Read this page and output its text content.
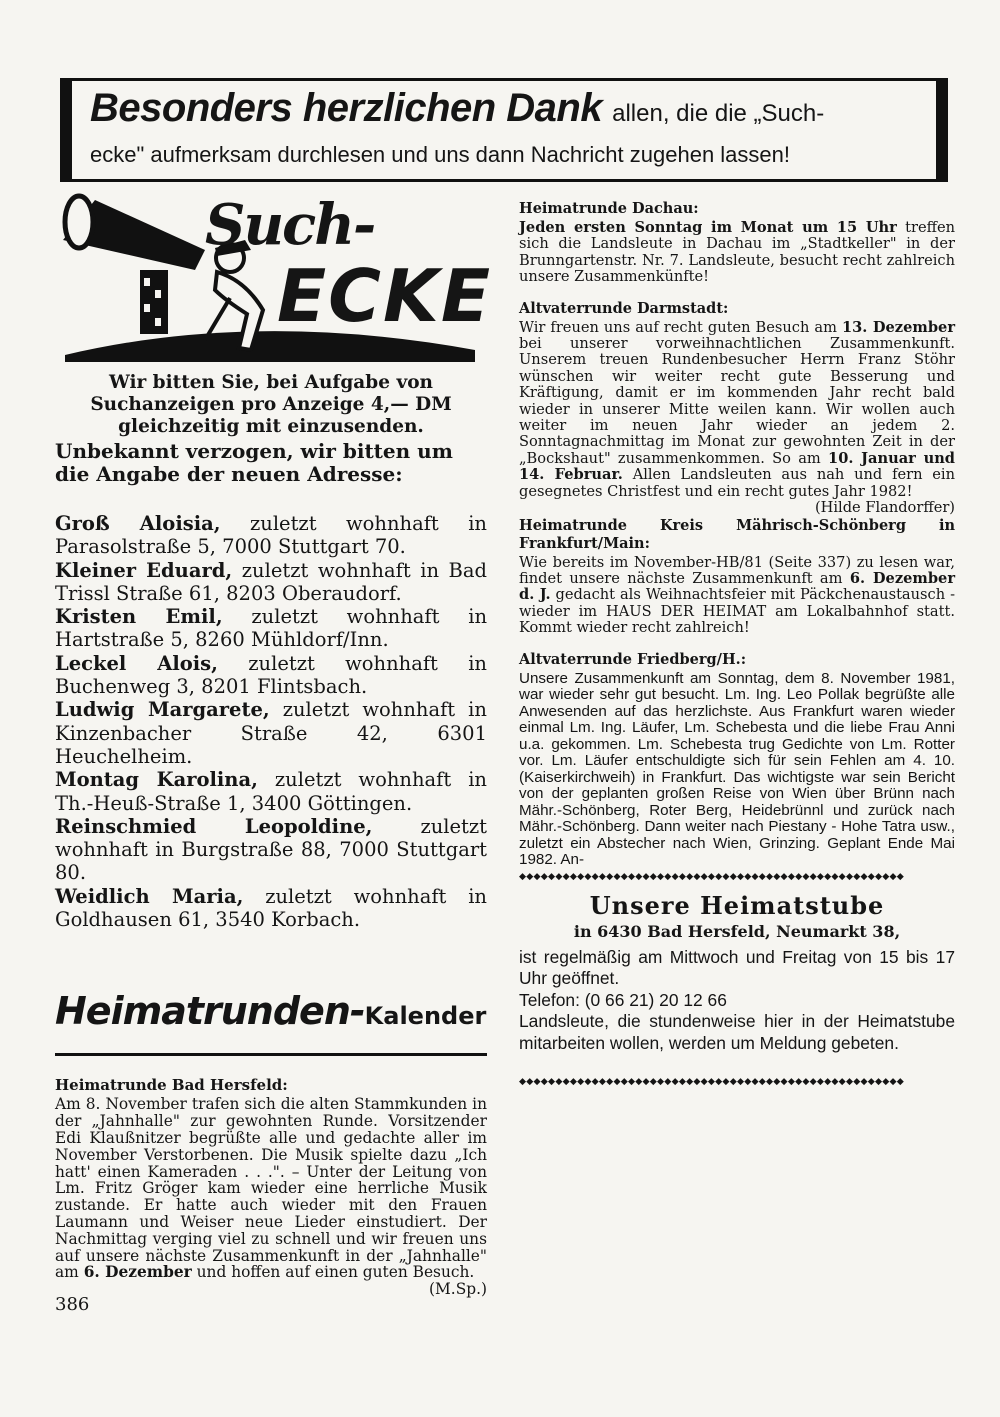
Besonders herzlichen Dank allen, die die „Such-
ecke" aufmerksam durchlesen und uns dann Nachricht zugehen lassen!
Such-
ECKE
Wir bitten Sie, bei Aufgabe von Suchanzeigen pro Anzeige 4,— DM gleichzeitig mit einzusenden.
Unbekannt verzogen, wir bitten um die Angabe der neuen Adresse:

Groß Aloisia, zuletzt wohnhaft in Parasolstraße 5, 7000 Stuttgart 70.

Kleiner Eduard, zuletzt wohnhaft in Bad Trissl Straße 61, 8203 Oberaudorf.

Kristen Emil, zuletzt wohnhaft in Hartstraße 5, 8260 Mühldorf/Inn.

Leckel Alois, zuletzt wohnhaft in Buchenweg 3, 8201 Flintsbach.

Ludwig Margarete, zuletzt wohnhaft in Kinzenbacher Straße 42, 6301 Heuchelheim.

Montag Karolina, zuletzt wohnhaft in Th.-Heuß-Straße 1, 3400 Göttingen.

Reinschmied Leopoldine, zuletzt wohnhaft in Burgstraße 88, 7000 Stuttgart 80.

Weidlich Maria, zuletzt wohnhaft in Goldhausen 61, 3540 Korbach.

Heimatrunden-Kalender
Heimatrunde Bad Hersfeld:

Am 8. November trafen sich die alten Stammkunden in der „Jahnhalle" zur gewohnten Runde. Vorsitzender Edi Klaußnitzer begrüßte alle und gedachte aller im November Verstorbenen. Die Musik spielte dazu „Ich hatt' einen Kameraden . . .". – Unter der Leitung von Lm. Fritz Gröger kam wieder eine herrliche Musik zustande. Er hatte auch wieder mit den Frauen Laumann und Weiser neue Lieder einstudiert. Der Nachmittag verging viel zu schnell und wir freuen uns auf unsere nächste Zusammenkunft in der „Jahnhalle" am 6. Dezember und hoffen auf einen guten Besuch.
(M.Sp.)

386
Heimatrunde Dachau:

Jeden ersten Sonntag im Monat um 15 Uhr treffen sich die Landsleute in Dachau im „Stadtkeller" in der Brunngartenstr. Nr. 7. Landsleute, besucht recht zahlreich unsere Zusammenkünfte!

Altvaterrunde Darmstadt:

Wir freuen uns auf recht guten Besuch am 13. Dezember bei unserer vorweihnachtlichen Zusammenkunft. Unserem treuen Rundenbesucher Herrn Franz Stöhr wünschen wir weiter recht gute Besserung und Kräftigung, damit er im kommenden Jahr recht bald wieder in unserer Mitte weilen kann. Wir wollen auch weiter im neuen Jahr wieder an jedem 2. Sonntagnachmittag im Monat zur gewohnten Zeit in der „Bockshaut" zusammenkommen. So am 10. Januar und 14. Februar. Allen Landsleuten aus nah und fern ein gesegnetes Christfest und ein recht gutes Jahr 1982!
(Hilde Flandorffer)

Heimatrunde Kreis Mährisch-Schönberg in Frankfurt/Main:

Wie bereits im November-HB/81 (Seite 337) zu lesen war, findet unsere nächste Zusammenkunft am 6. Dezember d. J. gedacht als Weihnachtsfeier mit Päckchenaustausch - wieder im HAUS DER HEIMAT am Lokalbahnhof statt. Kommt wieder recht zahlreich!

Altvaterrunde Friedberg/H.:

Unsere Zusammenkunft am Sonntag, dem 8. November 1981, war wieder sehr gut besucht. Lm. Ing. Leo Pollak begrüßte alle Anwesenden auf das herzlichste. Aus Frankfurt waren wieder einmal Lm. Ing. Läufer, Lm. Schebesta und die liebe Frau Anni u.a. gekommen. Lm. Schebesta trug Gedichte von Lm. Rotter vor. Lm. Läufer entschuldigte sich für sein Fehlen am 4. 10. (Kaiserkirchweih) in Frankfurt. Das wichtigste war sein Bericht von der geplanten großen Reise von Wien über Brünn nach Mähr.-Schönberg, Roter Berg, Heidebrünnl und zurück nach Mähr.-Schönberg. Dann weiter nach Piestany - Hohe Tatra usw., zuletzt ein Abstecher nach Wien, Grinzing. Geplant Ende Mai 1982. An-

◆◆◆◆◆◆◆◆◆◆◆◆◆◆◆◆◆◆◆◆◆◆◆◆◆◆◆◆◆◆◆◆◆◆◆◆◆◆◆◆◆◆◆◆◆◆◆◆◆◆◆◆◆
Unsere Heimatstube
in 6430 Bad Hersfeld, Neumarkt 38,
ist regelmäßig am Mittwoch und Freitag von 15 bis 17 Uhr geöffnet.
Telefon: (0 66 21) 20 12 66
Landsleute, die stundenweise hier in der Heimatstube mitarbeiten wollen, werden um Meldung gebeten.
◆◆◆◆◆◆◆◆◆◆◆◆◆◆◆◆◆◆◆◆◆◆◆◆◆◆◆◆◆◆◆◆◆◆◆◆◆◆◆◆◆◆◆◆◆◆◆◆◆◆◆◆◆
